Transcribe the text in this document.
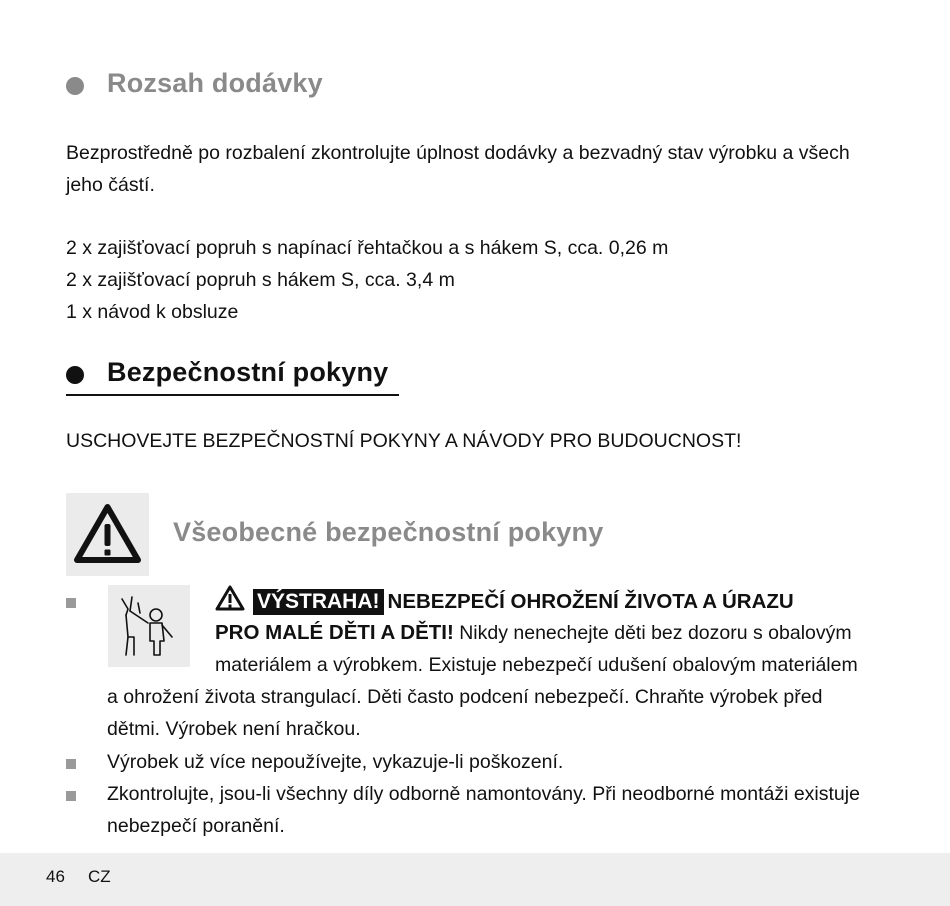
Rozsah dodávky
Bezprostředně po rozbalení zkontrolujte úplnost dodávky a bezvadný stav výrobku a všech
jeho částí.
2 x zajišťovací popruh s napínací řehtačkou a s hákem S, cca. 0,26 m
2 x zajišťovací popruh s hákem S, cca. 3,4 m
1 x návod k obsluze
Bezpečnostní pokyny
USCHOVEJTE BEZPEČNOSTNÍ POKYNY A NÁVODY PRO BUDOUCNOST!
Všeobecné bezpečnostní pokyny
VÝSTRAHA! NEBEZPEČÍ OHROŽENÍ ŽIVOTA A ÚRAZU
PRO MALÉ DĚTI A DĚTI! Nikdy nenechejte děti bez dozoru s obalovým
materiálem a výrobkem. Existuje nebezpečí udušení obalovým materiálem
a ohrožení života strangulací. Děti často podcení nebezpečí. Chraňte výrobek před
dětmi. Výrobek není hračkou.
Výrobek už více nepoužívejte, vykazuje-li poškození.
Zkontrolujte, jsou-li všechny díly odborně namontovány. Při neodborné montáži existuje
nebezpečí poranění.
46 CZ
